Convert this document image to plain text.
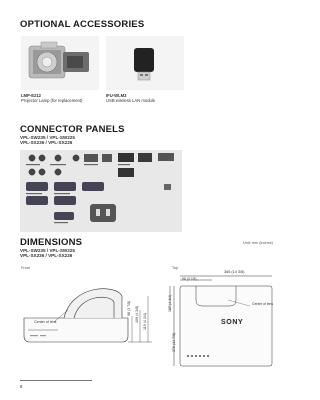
OPTIONAL ACCESSORIES
LMP-E212
Projector Lamp (for replacement)
IFU-WLM3
USB wireless LAN module
CONNECTOR PANELS
VPL-SW235 / VPL-SW225
VPL-SX236 / VPL-SX226
DIMENSIONS	Unit: mm (inches)
VPL-SW235 / VPL-SW225
VPL-SX236 / VPL-SX226
Front	Top
Center of lens
98 (3 7/8) 109 (4 3/8) 119 (4 3/4)
365 (14 3/8)
98 (3 7/8)
107 (4 1/4)
376 (14 7/8)
Center of lens
SONY
8
